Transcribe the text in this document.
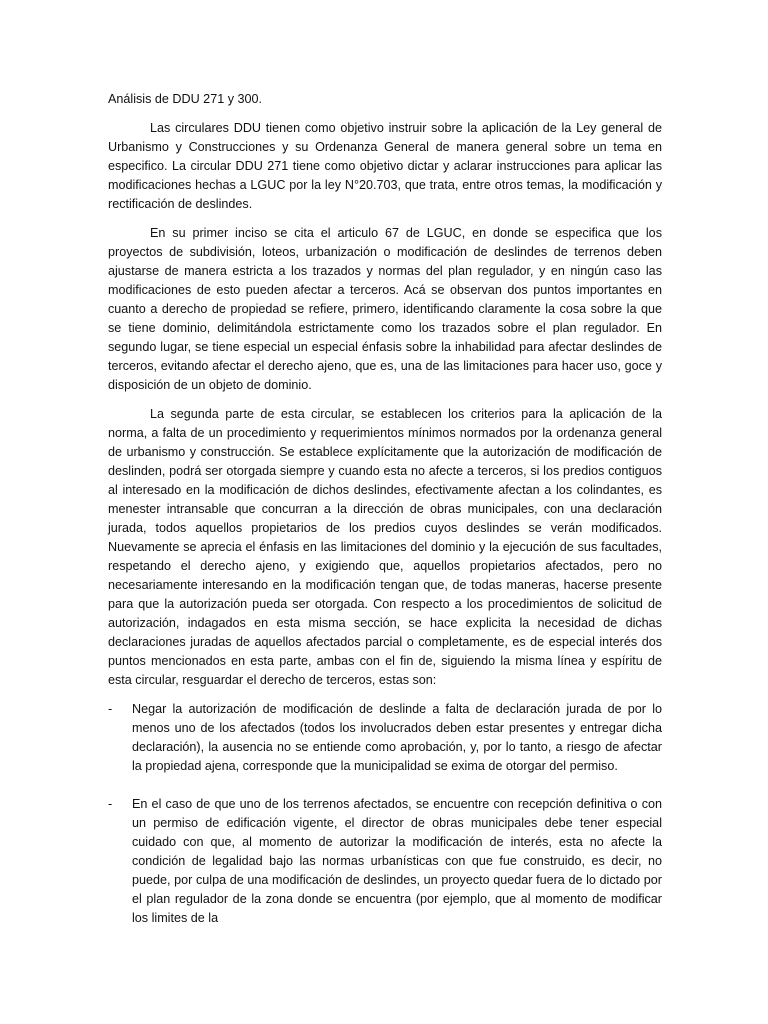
Análisis de DDU 271 y 300.

Las circulares DDU tienen como objetivo instruir sobre la aplicación de la Ley general de Urbanismo y Construcciones y su Ordenanza General de manera general sobre un tema en especifico. La circular DDU 271 tiene como objetivo dictar y aclarar instrucciones para aplicar las modificaciones hechas a LGUC por la ley N°20.703, que trata, entre otros temas, la modificación y rectificación de deslindes.

En su primer inciso se cita el articulo 67 de LGUC, en donde se especifica que los proyectos de subdivisión, loteos, urbanización o modificación de deslindes de terrenos deben ajustarse de manera estricta a los trazados y normas del plan regulador, y en ningún caso las modificaciones de esto pueden afectar a terceros. Acá se observan dos puntos importantes en cuanto a derecho de propiedad se refiere, primero, identificando claramente la cosa sobre la que se tiene dominio, delimitándola estrictamente como los trazados sobre el plan regulador. En segundo lugar, se tiene especial un especial énfasis sobre la inhabilidad para afectar deslindes de terceros, evitando afectar el derecho ajeno, que es, una de las limitaciones para hacer uso, goce y disposición de un objeto de dominio.

La segunda parte de esta circular, se establecen los criterios para la aplicación de la norma, a falta de un procedimiento y requerimientos mínimos normados por la ordenanza general de urbanismo y construcción. Se establece explícitamente que la autorización de modificación de deslinden, podrá ser otorgada siempre y cuando esta no afecte a terceros, si los predios contiguos al interesado en la modificación de dichos deslindes, efectivamente afectan a los colindantes, es menester intransable que concurran a la dirección de obras municipales, con una declaración jurada, todos aquellos propietarios de los predios cuyos deslindes se verán modificados. Nuevamente se aprecia el énfasis en las limitaciones del dominio y la ejecución de sus facultades, respetando el derecho ajeno, y exigiendo que, aquellos propietarios afectados, pero no necesariamente interesando en la modificación tengan que, de todas maneras, hacerse presente para que la autorización pueda ser otorgada. Con respecto a los procedimientos de solicitud de autorización, indagados en esta misma sección, se hace explicita la necesidad de dichas declaraciones juradas de aquellos afectados parcial o completamente, es de especial interés dos puntos mencionados en esta parte, ambas con el fin de, siguiendo la misma línea y espíritu de esta circular, resguardar el derecho de terceros, estas son:

- Negar la autorización de modificación de deslinde a falta de declaración jurada de por lo menos uno de los afectados (todos los involucrados deben estar presentes y entregar dicha declaración), la ausencia no se entiende como aprobación, y, por lo tanto, a riesgo de afectar la propiedad ajena, corresponde que la municipalidad se exima de otorgar del permiso.
- En el caso de que uno de los terrenos afectados, se encuentre con recepción definitiva o con un permiso de edificación vigente, el director de obras municipales debe tener especial cuidado con que, al momento de autorizar la modificación de interés, esta no afecte la condición de legalidad bajo las normas urbanísticas con que fue construido, es decir, no puede, por culpa de una modificación de deslindes, un proyecto quedar fuera de lo dictado por el plan regulador de la zona donde se encuentra (por ejemplo, que al momento de modificar los limites de la
